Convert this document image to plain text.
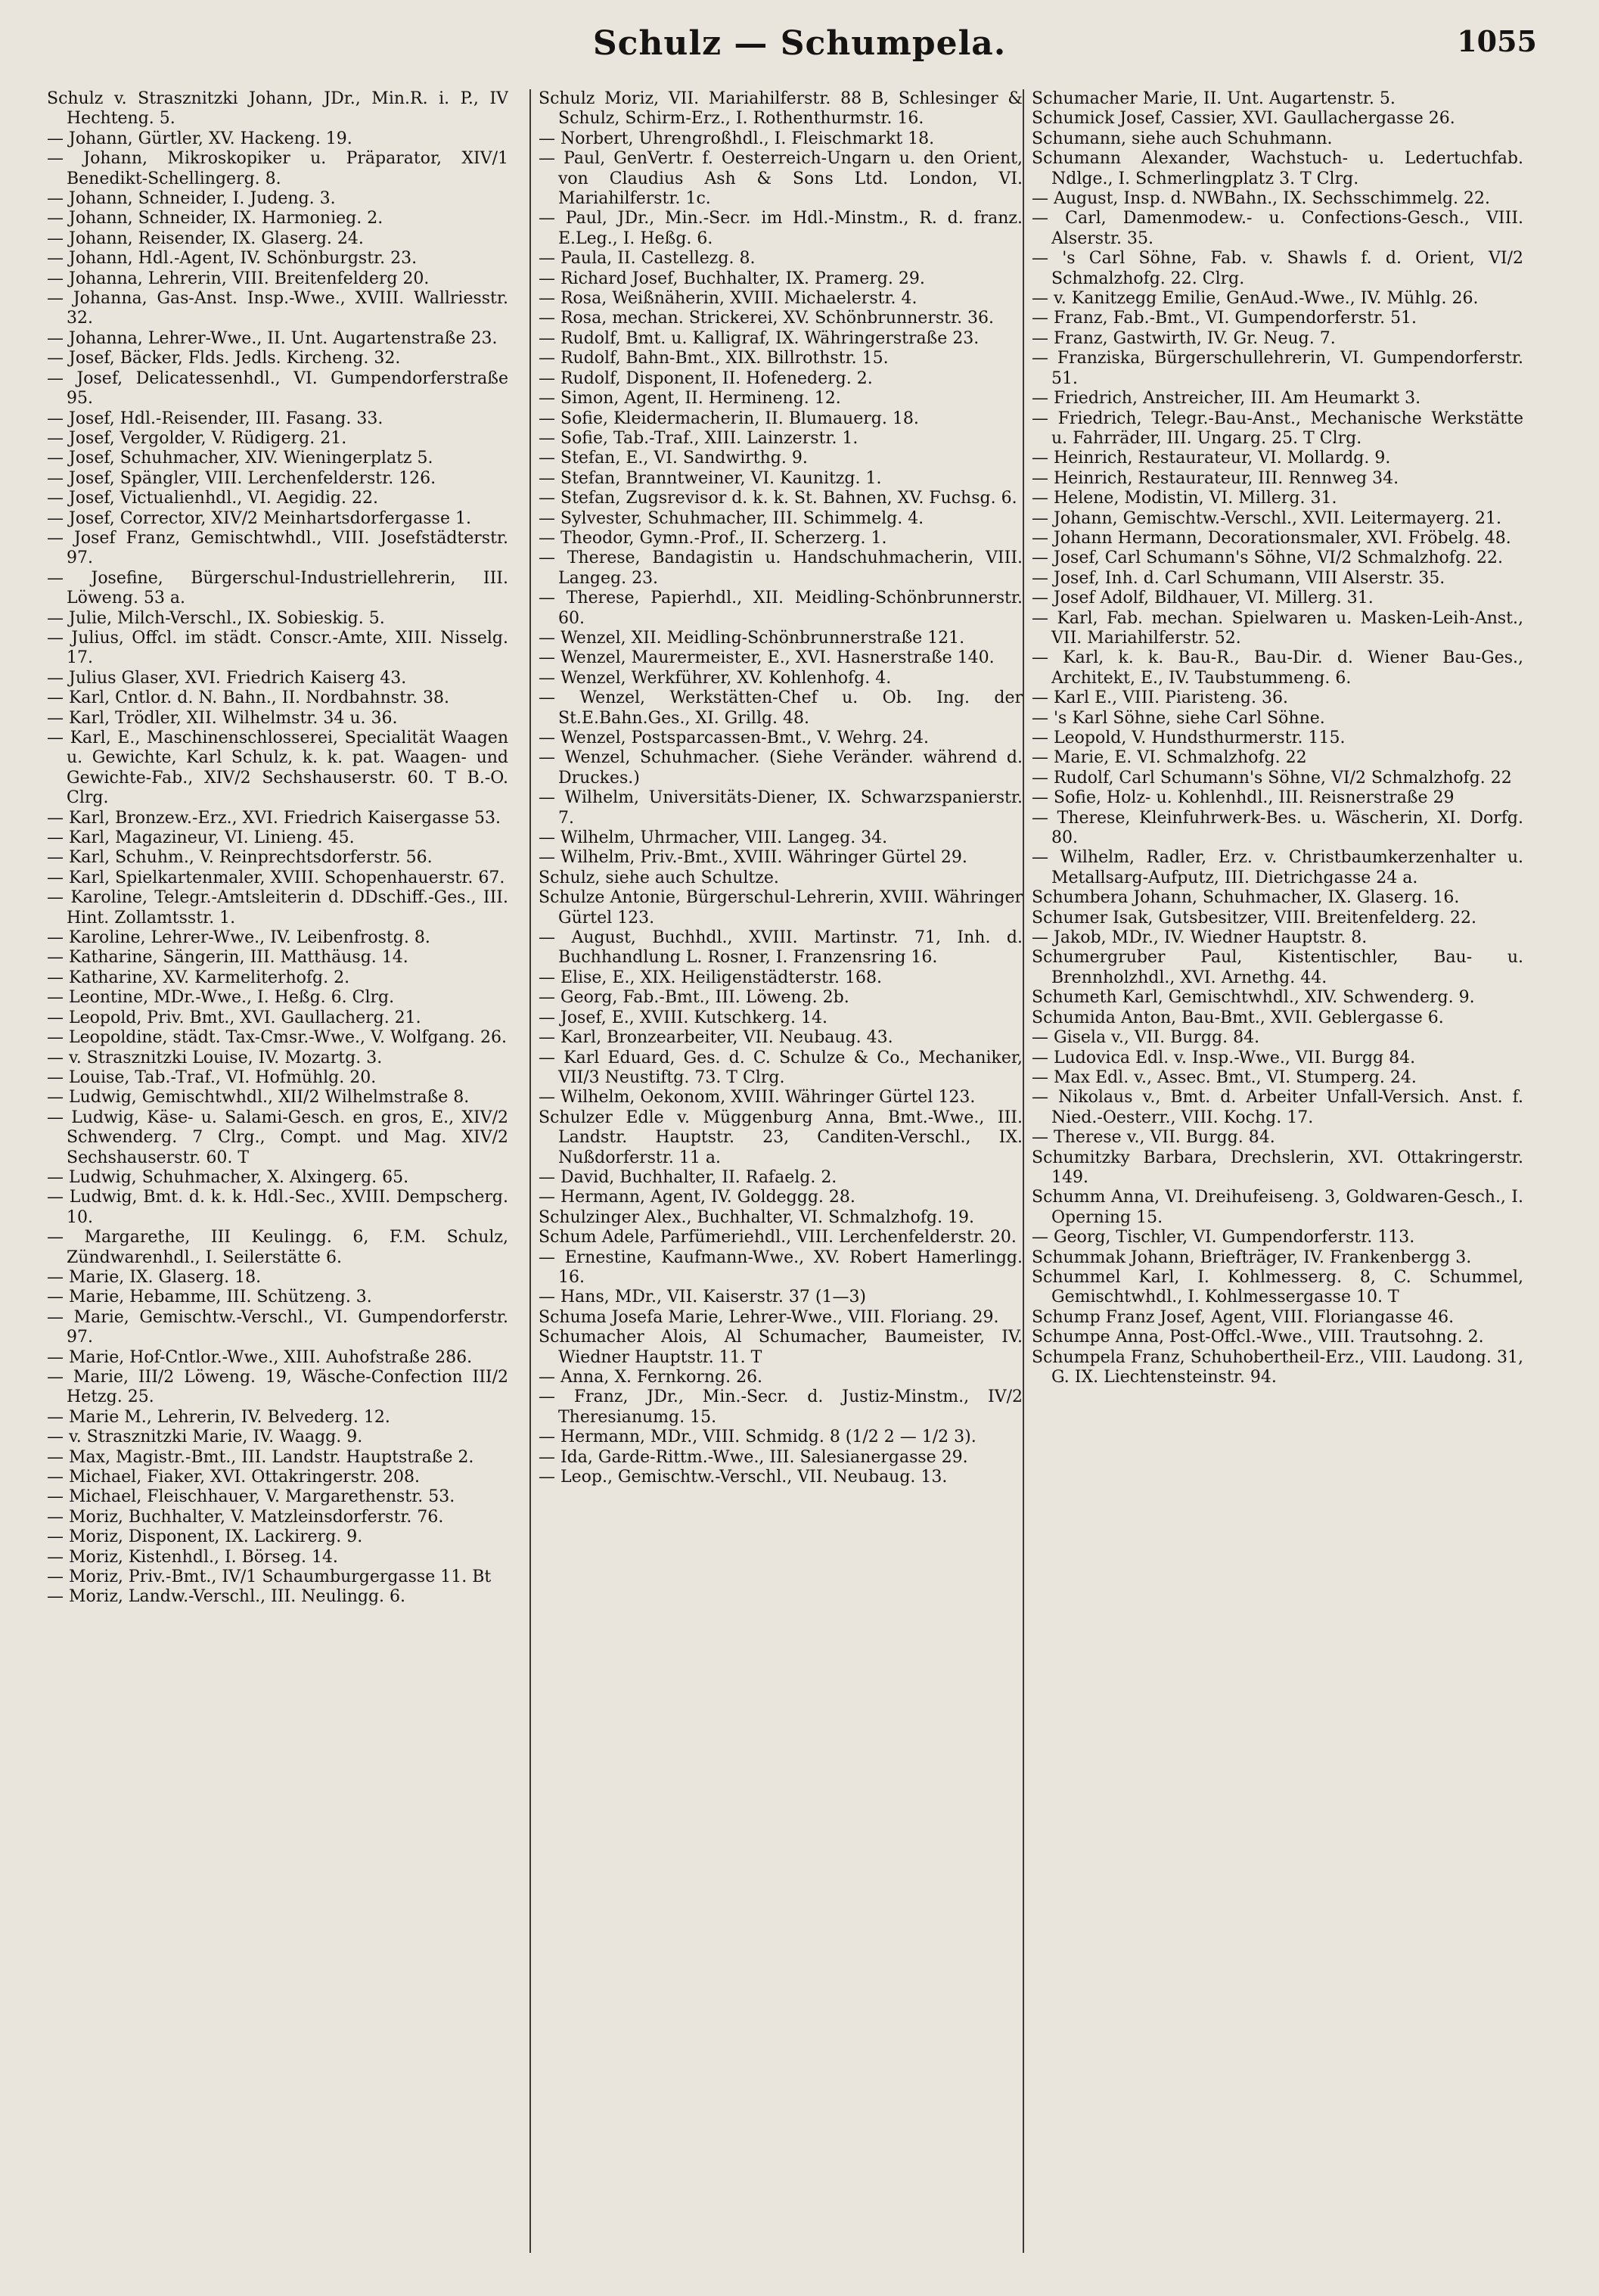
Schulz — Schumpela.	1055

Schulz v. Strasznitzki Johann, JDr., Min.R. i. P., IV Hechteng. 5.

— Johann, Gürtler, XV. Hackeng. 19.

— Johann, Mikroskopiker u. Präparator, XIV/1 Benedikt-Schellingerg. 8.

— Johann, Schneider, I. Judeng. 3.

— Johann, Schneider, IX. Harmonieg. 2.

— Johann, Reisender, IX. Glaserg. 24.

— Johann, Hdl.-Agent, IV. Schönburgstr. 23.

— Johanna, Lehrerin, VIII. Breitenfelderg 20.

— Johanna, Gas-Anst. Insp.-Wwe., XVIII. Wallriesstr. 32.

— Johanna, Lehrer-Wwe., II. Unt. Augartenstraße 23.

— Josef, Bäcker, Flds. Jedls. Kircheng. 32.

— Josef, Delicatessenhdl., VI. Gumpendorferstraße 95.

— Josef, Hdl.-Reisender, III. Fasang. 33.

— Josef, Vergolder, V. Rüdigerg. 21.

— Josef, Schuhmacher, XIV. Wieningerplatz 5.

— Josef, Spängler, VIII. Lerchenfelderstr. 126.

— Josef, Victualienhdl., VI. Aegidig. 22.

— Josef, Corrector, XIV/2 Meinhartsdorfergasse 1.

— Josef Franz, Gemischtwhdl., VIII. Josefstädterstr. 97.

— Josefine, Bürgerschul-Industriellehrerin, III. Löweng. 53 a.

— Julie, Milch-Verschl., IX. Sobieskig. 5.

— Julius, Offcl. im städt. Conscr.-Amte, XIII. Nisselg. 17.

— Julius Glaser, XVI. Friedrich Kaiserg 43.

— Karl, Cntlor. d. N. Bahn., II. Nordbahnstr. 38.

— Karl, Trödler, XII. Wilhelmstr. 34 u. 36.

— Karl, E., Maschinenschlosserei, Specialität Waagen u. Gewichte, Karl Schulz, k. k. pat. Waagen- und Gewichte-Fab., XIV/2 Sechshauserstr. 60. T B.-O. Clrg.

— Karl, Bronzew.-Erz., XVI. Friedrich Kaisergasse 53.

— Karl, Magazineur, VI. Linieng. 45.

— Karl, Schuhm., V. Reinprechtsdorferstr. 56.

— Karl, Spielkartenmaler, XVIII. Schopenhauerstr. 67.

— Karoline, Telegr.-Amtsleiterin d. DDschiff.-Ges., III. Hint. Zollamtsstr. 1.

— Karoline, Lehrer-Wwe., IV. Leibenfrostg. 8.

— Katharine, Sängerin, III. Matthäusg. 14.

— Katharine, XV. Karmeliterhofg. 2.

— Leontine, MDr.-Wwe., I. Heßg. 6. Clrg.

— Leopold, Priv. Bmt., XVI. Gaullacherg. 21.

— Leopoldine, städt. Tax-Cmsr.-Wwe., V. Wolfgang. 26.

— v. Strasznitzki Louise, IV. Mozartg. 3.

— Louise, Tab.-Traf., VI. Hofmühlg. 20.

— Ludwig, Gemischtwhdl., XII/2 Wilhelmstraße 8.

— Ludwig, Käse- u. Salami-Gesch. en gros, E., XIV/2 Schwenderg. 7 Clrg., Compt. und Mag. XIV/2 Sechshauserstr. 60. T

— Ludwig, Schuhmacher, X. Alxingerg. 65.

— Ludwig, Bmt. d. k. k. Hdl.-Sec., XVIII. Dempscherg. 10.

— Margarethe, III Keulingg. 6, F.M. Schulz, Zündwarenhdl., I. Seilerstätte 6.

— Marie, IX. Glaserg. 18.

— Marie, Hebamme, III. Schützeng. 3.

— Marie, Gemischtw.-Verschl., VI. Gumpendorferstr. 97.

— Marie, Hof-Cntlor.-Wwe., XIII. Auhofstraße 286.

— Marie, III/2 Löweng. 19, Wäsche-Confection III/2 Hetzg. 25.

— Marie M., Lehrerin, IV. Belvederg. 12.

— v. Strasznitzki Marie, IV. Waagg. 9.

— Max, Magistr.-Bmt., III. Landstr. Hauptstraße 2.

— Michael, Fiaker, XVI. Ottakringerstr. 208.

— Michael, Fleischhauer, V. Margarethenstr. 53.

— Moriz, Buchhalter, V. Matzleinsdorferstr. 76.

— Moriz, Disponent, IX. Lackirerg. 9.

— Moriz, Kistenhdl., I. Börseg. 14.

— Moriz, Priv.-Bmt., IV/1 Schaumburgergasse 11. Bt

— Moriz, Landw.-Verschl., III. Neulingg. 6.

Schulz Moriz, VII. Mariahilferstr. 88 B, Schlesinger & Schulz, Schirm-Erz., I. Rothenthurmstr. 16.

— Norbert, Uhrengroßhdl., I. Fleischmarkt 18.

— Paul, GenVertr. f. Oesterreich-Ungarn u. den Orient, von Claudius Ash & Sons Ltd. London, VI. Mariahilferstr. 1c.

— Paul, JDr., Min.-Secr. im Hdl.-Minstm., R. d. franz. E.Leg., I. Heßg. 6.

— Paula, II. Castellezg. 8.

— Richard Josef, Buchhalter, IX. Pramerg. 29.

— Rosa, Weißnäherin, XVIII. Michaelerstr. 4.

— Rosa, mechan. Strickerei, XV. Schönbrunnerstr. 36.

— Rudolf, Bmt. u. Kalligraf, IX. Währingerstraße 23.

— Rudolf, Bahn-Bmt., XIX. Billrothstr. 15.

— Rudolf, Disponent, II. Hofenederg. 2.

— Simon, Agent, II. Hermineng. 12.

— Sofie, Kleidermacherin, II. Blumauerg. 18.

— Sofie, Tab.-Traf., XIII. Lainzerstr. 1.

— Stefan, E., VI. Sandwirthg. 9.

— Stefan, Branntweiner, VI. Kaunitzg. 1.

— Stefan, Zugsrevisor d. k. k. St. Bahnen, XV. Fuchsg. 6.

— Sylvester, Schuhmacher, III. Schimmelg. 4.

— Theodor, Gymn.-Prof., II. Scherzerg. 1.

— Therese, Bandagistin u. Handschuhmacherin, VIII. Langeg. 23.

— Therese, Papierhdl., XII. Meidling-Schönbrunnerstr. 60.

— Wenzel, XII. Meidling-Schönbrunnerstraße 121.

— Wenzel, Maurermeister, E., XVI. Hasnerstraße 140.

— Wenzel, Werkführer, XV. Kohlenhofg. 4.

— Wenzel, Werkstätten-Chef u. Ob. Ing. der St.E.Bahn.Ges., XI. Grillg. 48.

— Wenzel, Postsparcassen-Bmt., V. Wehrg. 24.

— Wenzel, Schuhmacher. (Siehe Veränder. während d. Druckes.)

— Wilhelm, Universitäts-Diener, IX. Schwarzspanierstr. 7.

— Wilhelm, Uhrmacher, VIII. Langeg. 34.

— Wilhelm, Priv.-Bmt., XVIII. Währinger Gürtel 29.

Schulz, siehe auch Schultze.

Schulze Antonie, Bürgerschul-Lehrerin, XVIII. Währinger Gürtel 123.

— August, Buchhdl., XVIII. Martinstr. 71, Inh. d. Buchhandlung L. Rosner, I. Franzensring 16.

— Elise, E., XIX. Heiligenstädterstr. 168.

— Georg, Fab.-Bmt., III. Löweng. 2b.

— Josef, E., XVIII. Kutschkerg. 14.

— Karl, Bronzearbeiter, VII. Neubaug. 43.

— Karl Eduard, Ges. d. C. Schulze & Co., Mechaniker, VII/3 Neustiftg. 73. T Clrg.

— Wilhelm, Oekonom, XVIII. Währinger Gürtel 123.

Schulzer Edle v. Müggenburg Anna, Bmt.-Wwe., III. Landstr. Hauptstr. 23, Canditen-Verschl., IX. Nußdorferstr. 11 a.

— David, Buchhalter, II. Rafaelg. 2.

— Hermann, Agent, IV. Goldeggg. 28.

Schulzinger Alex., Buchhalter, VI. Schmalzhofg. 19.

Schum Adele, Parfümeriehdl., VIII. Lerchenfelderstr. 20.

— Ernestine, Kaufmann-Wwe., XV. Robert Hamerlingg. 16.

— Hans, MDr., VII. Kaiserstr. 37 (1—3)

Schuma Josefa Marie, Lehrer-Wwe., VIII. Floriang. 29.

Schumacher Alois, Al Schumacher, Baumeister, IV. Wiedner Hauptstr. 11. T

— Anna, X. Fernkorng. 26.

— Franz, JDr., Min.-Secr. d. Justiz-Minstm., IV/2 Theresianumg. 15.

— Hermann, MDr., VIII. Schmidg. 8 (1/2 2 — 1/2 3).

— Ida, Garde-Rittm.-Wwe., III. Salesianergasse 29.

— Leop., Gemischtw.-Verschl., VII. Neubaug. 13.

Schumacher Marie, II. Unt. Augartenstr. 5.

Schumick Josef, Cassier, XVI. Gaullachergasse 26.

Schumann, siehe auch Schuhmann.

Schumann Alexander, Wachstuch- u. Ledertuchfab. Ndlge., I. Schmerlingplatz 3. T Clrg.

— August, Insp. d. NWBahn., IX. Sechsschimmelg. 22.

— Carl, Damenmodew.- u. Confections-Gesch., VIII. Alserstr. 35.

— 's Carl Söhne, Fab. v. Shawls f. d. Orient, VI/2 Schmalzhofg. 22. Clrg.

— v. Kanitzegg Emilie, GenAud.-Wwe., IV. Mühlg. 26.

— Franz, Fab.-Bmt., VI. Gumpendorferstr. 51.

— Franz, Gastwirth, IV. Gr. Neug. 7.

— Franziska, Bürgerschullehrerin, VI. Gumpendorferstr. 51.

— Friedrich, Anstreicher, III. Am Heumarkt 3.

— Friedrich, Telegr.-Bau-Anst., Mechanische Werkstätte u. Fahrräder, III. Ungarg. 25. T Clrg.

— Heinrich, Restaurateur, VI. Mollardg. 9.

— Heinrich, Restaurateur, III. Rennweg 34.

— Helene, Modistin, VI. Millerg. 31.

— Johann, Gemischtw.-Verschl., XVII. Leitermayerg. 21.

— Johann Hermann, Decorationsmaler, XVI. Fröbelg. 48.

— Josef, Carl Schumann's Söhne, VI/2 Schmalzhofg. 22.

— Josef, Inh. d. Carl Schumann, VIII Alserstr. 35.

— Josef Adolf, Bildhauer, VI. Millerg. 31.

— Karl, Fab. mechan. Spielwaren u. Masken-Leih-Anst., VII. Mariahilferstr. 52.

— Karl, k. k. Bau-R., Bau-Dir. d. Wiener Bau-Ges., Architekt, E., IV. Taubstummeng. 6.

— Karl E., VIII. Piaristeng. 36.

— 's Karl Söhne, siehe Carl Söhne.

— Leopold, V. Hundsthurmerstr. 115.

— Marie, E. VI. Schmalzhofg. 22

— Rudolf, Carl Schumann's Söhne, VI/2 Schmalzhofg. 22

— Sofie, Holz- u. Kohlenhdl., III. Reisnerstraße 29

— Therese, Kleinfuhrwerk-Bes. u. Wäscherin, XI. Dorfg. 80.

— Wilhelm, Radler, Erz. v. Christbaumkerzenhalter u. Metallsarg-Aufputz, III. Dietrichgasse 24 a.

Schumbera Johann, Schuhmacher, IX. Glaserg. 16.

Schumer Isak, Gutsbesitzer, VIII. Breitenfelderg. 22.

— Jakob, MDr., IV. Wiedner Hauptstr. 8.

Schumergruber Paul, Kistentischler, Bau- u. Brennholzhdl., XVI. Arnethg. 44.

Schumeth Karl, Gemischtwhdl., XIV. Schwenderg. 9.

Schumida Anton, Bau-Bmt., XVII. Geblergasse 6.

— Gisela v., VII. Burgg. 84.

— Ludovica Edl. v. Insp.-Wwe., VII. Burgg 84.

— Max Edl. v., Assec. Bmt., VI. Stumperg. 24.

— Nikolaus v., Bmt. d. Arbeiter Unfall-Versich. Anst. f. Nied.-Oesterr., VIII. Kochg. 17.

— Therese v., VII. Burgg. 84.

Schumitzky Barbara, Drechslerin, XVI. Ottakringerstr. 149.

Schumm Anna, VI. Dreihufeiseng. 3, Goldwaren-Gesch., I. Operning 15.

— Georg, Tischler, VI. Gumpendorferstr. 113.

Schummak Johann, Briefträger, IV. Frankenbergg 3.

Schummel Karl, I. Kohlmesserg. 8, C. Schummel, Gemischtwhdl., I. Kohlmessergasse 10. T

Schump Franz Josef, Agent, VIII. Floriangasse 46.

Schumpe Anna, Post-Offcl.-Wwe., VIII. Trautsohng. 2.

Schumpela Franz, Schuhobertheil-Erz., VIII. Laudong. 31, G. IX. Liechtensteinstr. 94.
